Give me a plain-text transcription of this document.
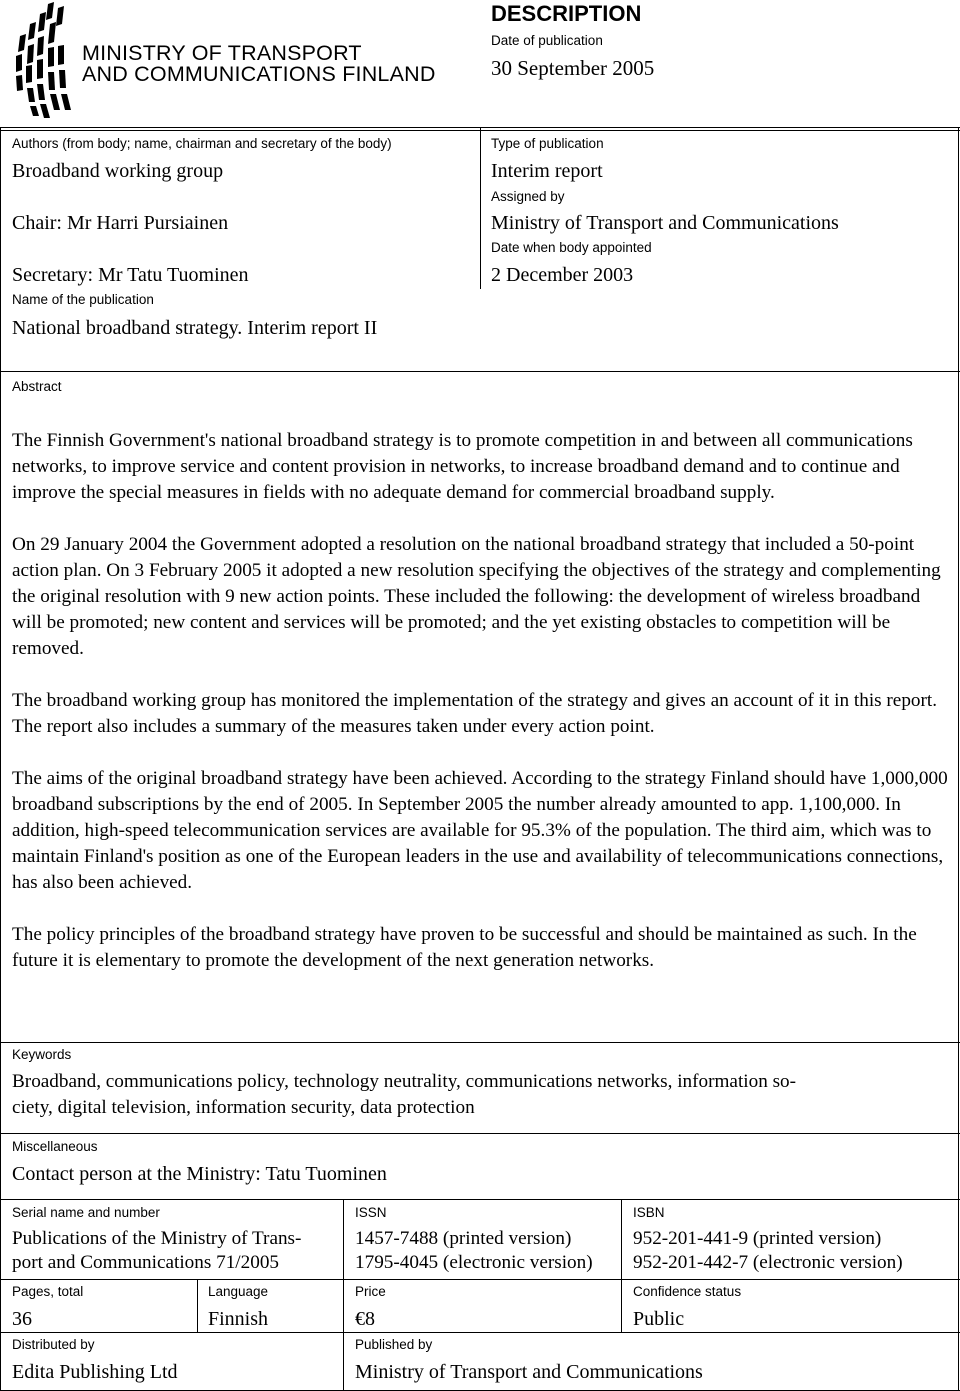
MINISTRY OF TRANSPORT
AND COMMUNICATIONS FINLAND
DESCRIPTION
Date of publication
30 September 2005
Authors (from body; name, chairman and secretary of the body)
Broadband working group
Chair: Mr Harri Pursiainen
Secretary: Mr Tatu Tuominen
Name of the publication
National broadband strategy. Interim report II
Type of publication
Interim report
Assigned by
Ministry of Transport and Communications
Date when body appointed
2 December 2003
Abstract

The Finnish Government's national broadband strategy is to promote competition in and between all communications networks, to improve service and content provision in networks, to increase broadband demand and to continue and improve the special measures in fields with no adequate demand for commercial broadband supply.

On 29 January 2004 the Government adopted a resolution on the national broadband strategy that included a 50-point action plan. On 3 February 2005 it adopted a new resolution specifying the objectives of the strategy and complementing the original resolution with 9 new action points. These included the following: the development of wireless broadband will be promoted; new content and services will be promoted; and the yet existing obstacles to competition will be removed.

The broadband working group has monitored the implementation of the strategy and gives an account of it in this report. The report also includes a summary of the measures taken under every action point.

The aims of the original broadband strategy have been achieved. According to the strategy Finland should have 1,000,000 broadband subscriptions by the end of 2005. In September 2005 the number already amounted to app. 1,100,000. In addition, high-speed telecommunication services are available for 95.3% of the population. The third aim, which was to maintain Finland's position as one of the European leaders in the use and availability of telecommunications connections, has also been achieved.

The policy principles of the broadband strategy have proven to be successful and should be maintained as such. In the future it is elementary to promote the development of the next generation networks.

Keywords
Broadband, communications policy, technology neutrality, communications networks, information so-
ciety, digital television, information security, data protection
Miscellaneous
Contact person at the Ministry: Tatu Tuominen
Serial name and number
Publications of the Ministry of Trans-
port and Communications 71/2005
ISSN
1457-7488 (printed version)
1795-4045 (electronic version)
ISBN
952-201-441-9 (printed version)
952-201-442-7 (electronic version)
Pages, total
36
Language
Finnish
Price
€8
Confidence status
Public
Distributed by
Edita Publishing Ltd
Published by
Ministry of Transport and Communications
